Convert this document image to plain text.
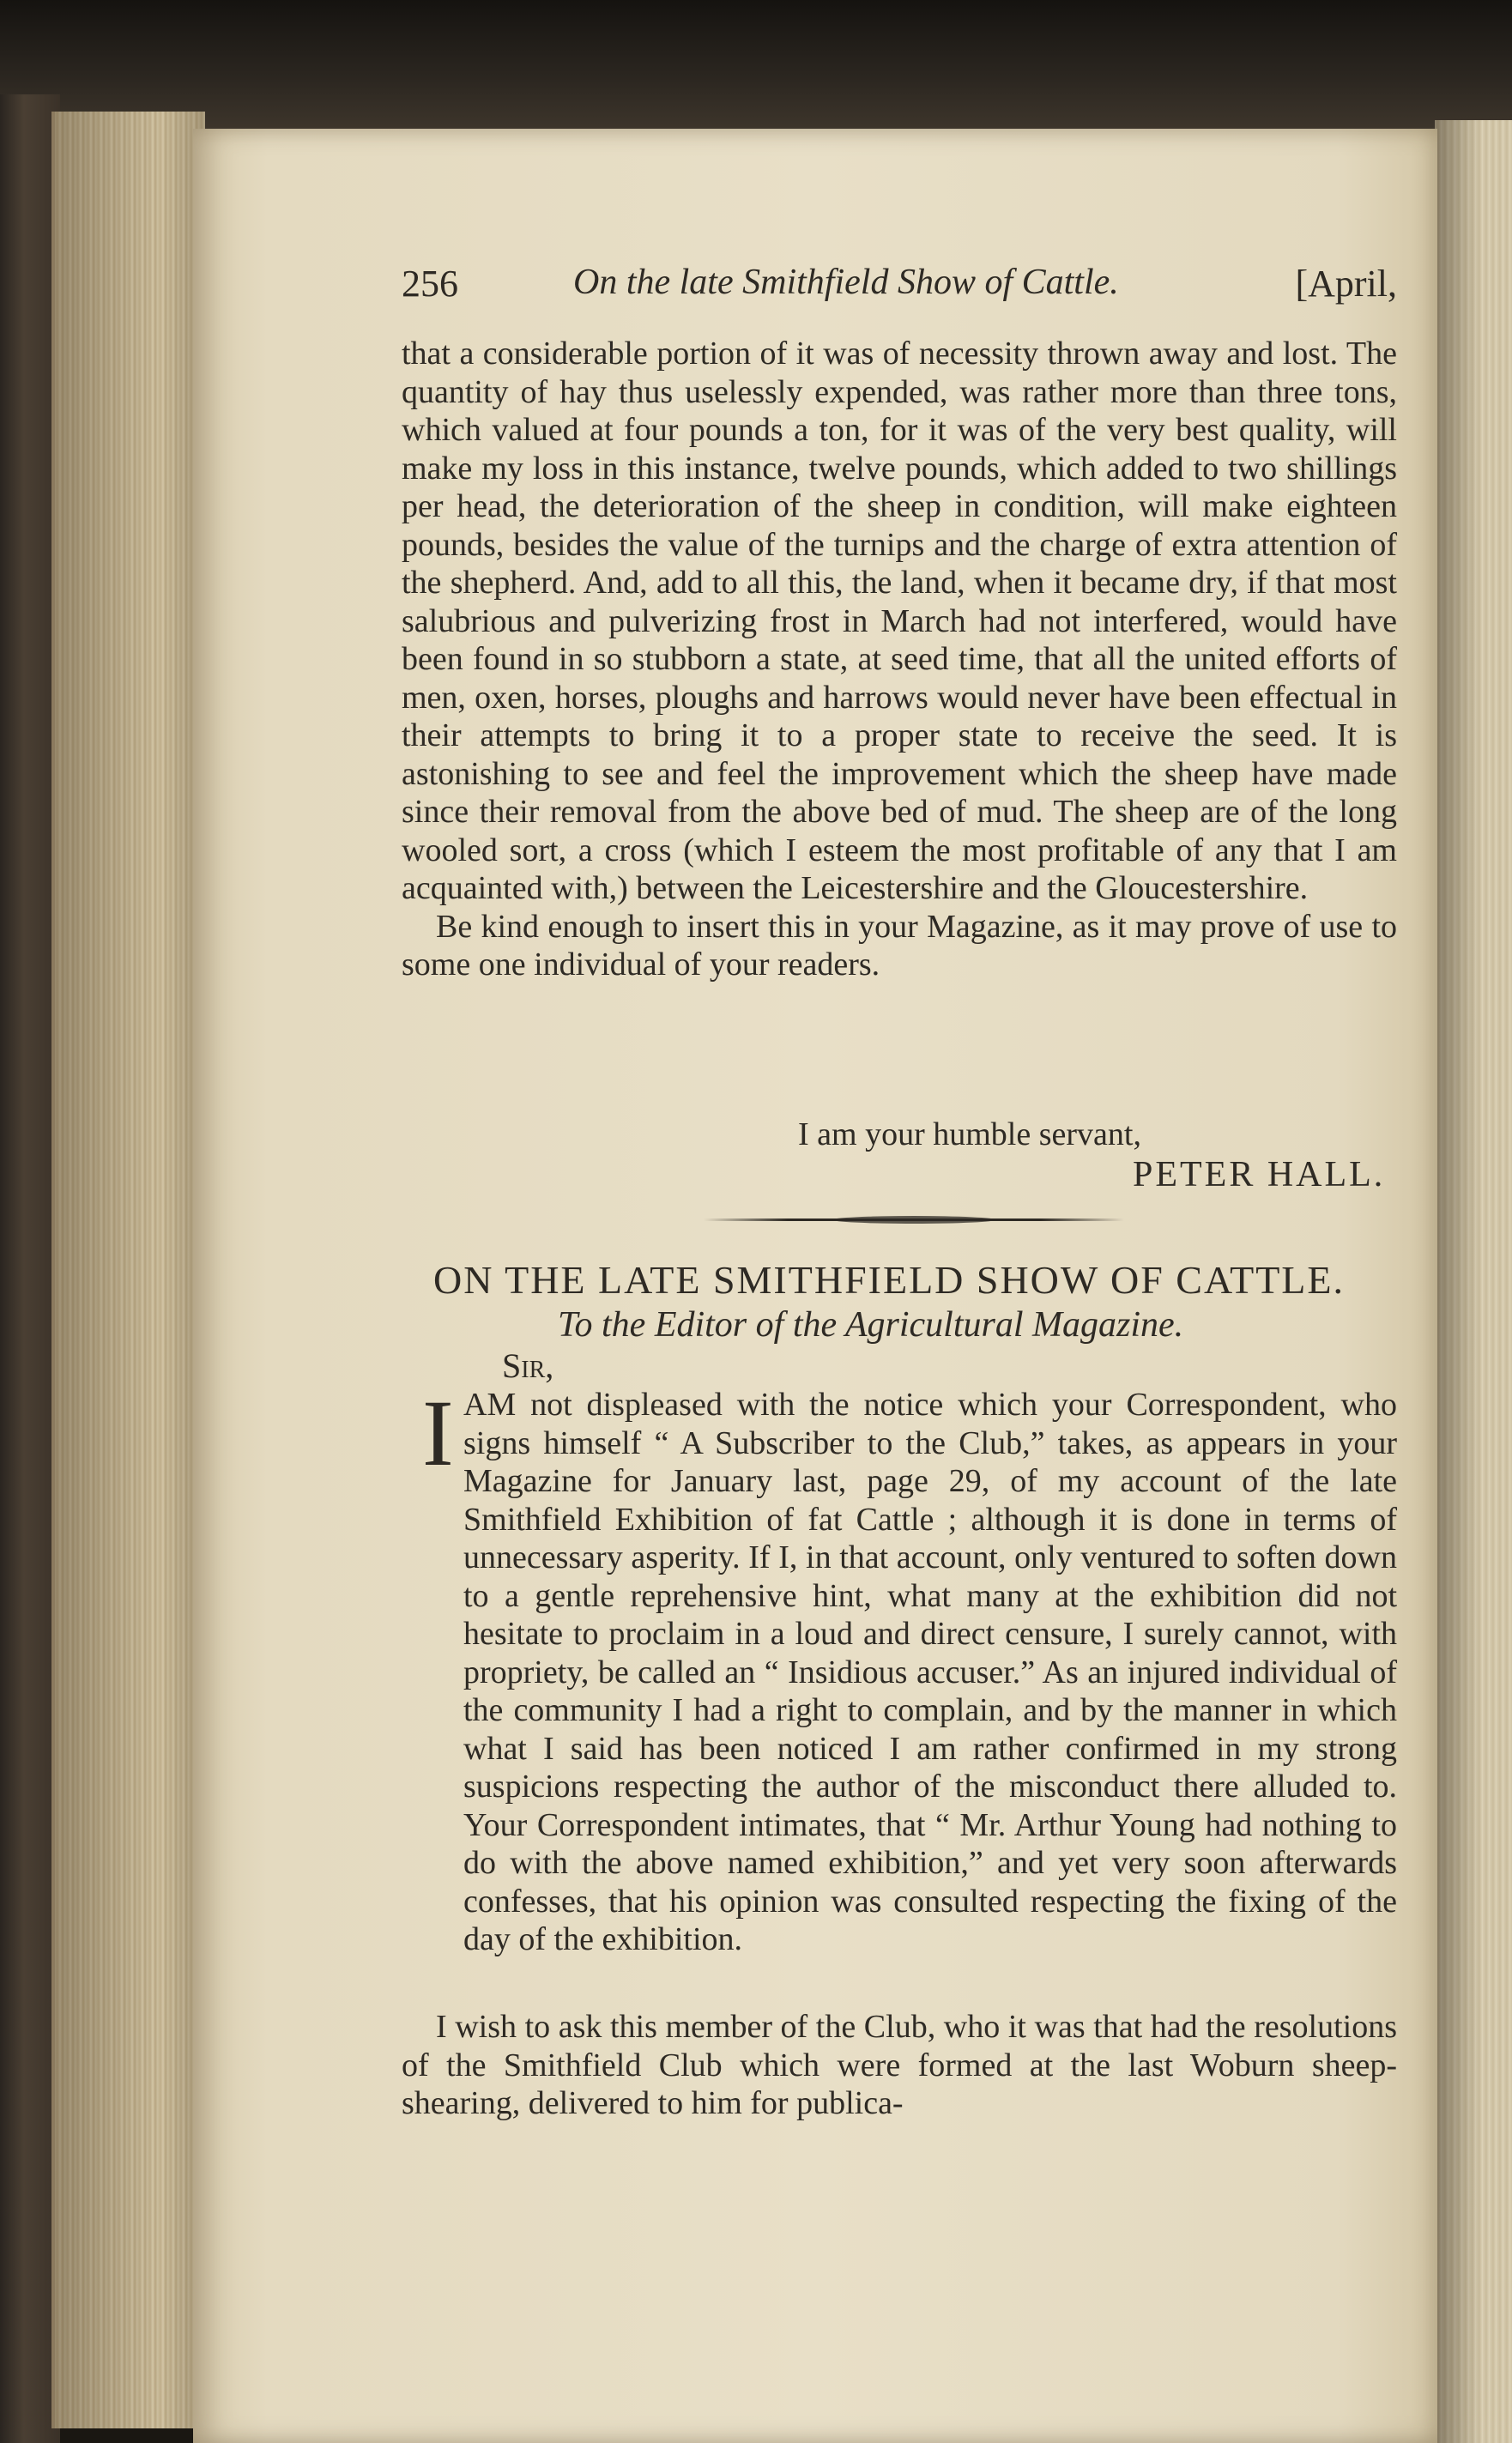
256	On the late Smithfield Show of Cattle.	[April,

that a considerable portion of it was of necessity thrown away and lost. The quantity of hay thus uselessly expended, was rather more than three tons, which valued at four pounds a ton, for it was of the very best quality, will make my loss in this instance, twelve pounds, which added to two shillings per head, the deterioration of the sheep in condition, will make eighteen pounds, besides the value of the turnips and the charge of extra attention of the shepherd. And, add to all this, the land, when it became dry, if that most salubrious and pulverizing frost in March had not interfered, would have been found in so stubborn a state, at seed time, that all the united efforts of men, oxen, horses, ploughs and harrows would never have been effectual in their attempts to bring it to a proper state to receive the seed. It is astonishing to see and feel the improvement which the sheep have made since their removal from the above bed of mud. The sheep are of the long wooled sort, a cross (which I esteem the most profitable of any that I am acquainted with,) between the Leicestershire and the Gloucestershire.

Be kind enough to insert this in your Magazine, as it may prove of use to some one individual of your readers.

I am your humble servant,
PETER HALL.
ON THE LATE SMITHFIELD SHOW OF CATTLE.
To the Editor of the Agricultural Magazine.
Sir,
I AM not displeased with the notice which your Correspondent, who signs himself “ A Subscriber to the Club,” takes, as appears in your Magazine for January last, page 29, of my account of the late Smithfield Exhibition of fat Cattle ; although it is done in terms of unnecessary asperity. If I, in that account, only ventured to soften down to a gentle reprehensive hint, what many at the exhibition did not hesitate to proclaim in a loud and direct censure, I surely cannot, with propriety, be called an “ Insidious accuser.” As an injured individual of the community I had a right to complain, and by the manner in which what I said has been noticed I am rather confirmed in my strong suspicions respecting the author of the misconduct there alluded to. Your Correspondent intimates, that “ Mr. Arthur Young had nothing to do with the above named exhibition,” and yet very soon afterwards confesses, that his opinion was consulted respecting the fixing of the day of the exhibition.

I wish to ask this member of the Club, who it was that had the resolutions of the Smithfield Club which were formed at the last Woburn sheep-shearing, delivered to him for publica-
